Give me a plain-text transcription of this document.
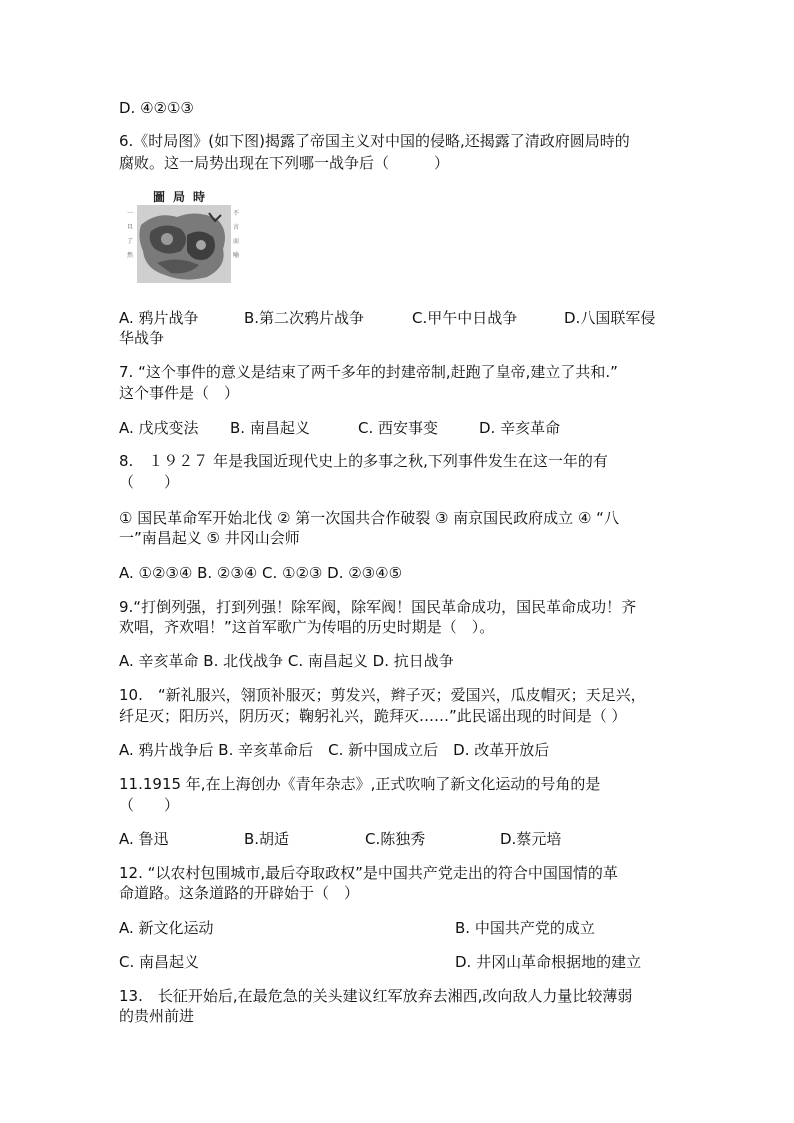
D. ④②①③
6.《时局图》(如下图)揭露了帝国主义对中国的侵略,还揭露了清政府圆局時的
腐败。这一局势出现在下列哪一战争后（　　　）
圖局時
一旦了然
不言而喻
A. 鸦片战争	B.第二次鸦片战争	C.甲午中日战争	D.八国联军侵
华战争
7. “这个事件的意义是结束了两千多年的封建帝制,赶跑了皇帝,建立了共和.”
这个事件是（　）
A. 戊戌变法 B. 南昌起义	C. 西安事变	D. 辛亥革命
8.　１９２７ 年是我国近现代史上的多事之秋,下列事件发生在这一年的有
（　　）
① 国民革命军开始北伐 ② 第一次国共合作破裂 ③ 南京国民政府成立 ④ “八
一”南昌起义 ⑤ 井冈山会师
A. ①②③④ B. ②③④ C. ①②③ D. ②③④⑤
9.“打倒列强，打到列强！除军阀，除军阀！国民革命成功，国民革命成功！齐
欢唱，齐欢唱！”这首军歌广为传唱的历史时期是（　）。
A. 辛亥革命 B. 北伐战争 C. 南昌起义 D. 抗日战争
10.　“新礼服兴，翎顶补服灭；剪发兴，辫子灭；爱国兴，瓜皮帽灭；天足兴，
纤足灭；阳历兴，阴历灭；鞠躬礼兴，跪拜灭……”此民谣出现的时间是（ ）
A. 鸦片战争后 B. 辛亥革命后　C. 新中国成立后　D. 改革开放后
11.1915 年,在上海创办《青年杂志》,正式吹响了新文化运动的号角的是
（　　）
A. 鲁迅	B.胡适	C.陈独秀	D.蔡元培
12. “以农村包围城市,最后夺取政权”是中国共产党走出的符合中国国情的革
命道路。这条道路的开辟始于（　）
A. 新文化运动	B. 中国共产党的成立
C. 南昌起义	D. 井冈山革命根据地的建立
13.　长征开始后,在最危急的关头建议红军放弃去湘西,改向敌人力量比较薄弱
的贵州前进
